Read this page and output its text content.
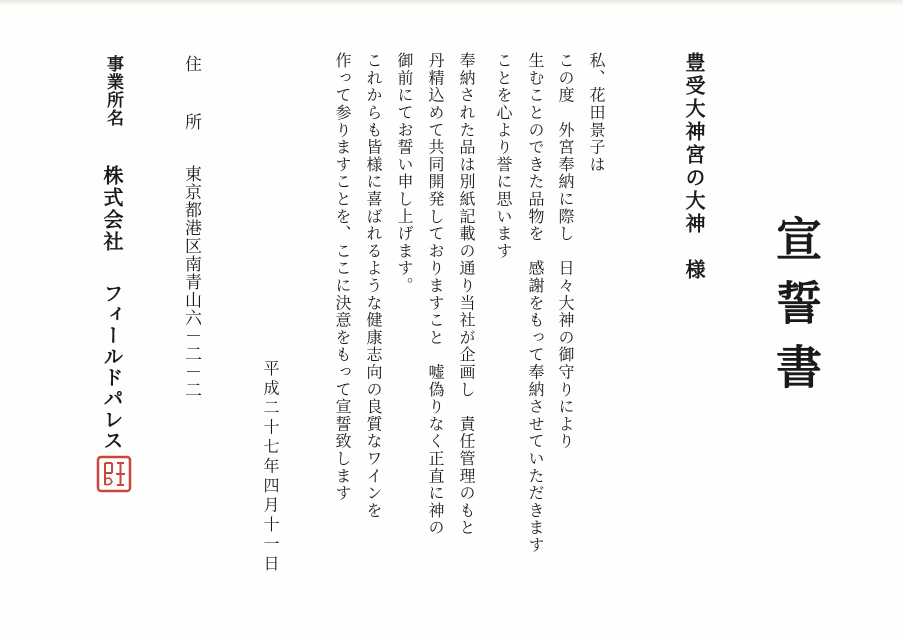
宣誓書
豊受大神宮の大神　様
私、花田景子は
この度　外宮奉納に際し　日々大神の御守りにより
生むことのできた品物を　感謝をもって奉納させていただきます
ことを心より誉に思います
奉納された品は別紙記載の通り当社が企画し　責任管理のもと
丹精込めて共同開発しておりますこと　嘘偽りなく正直に神の
御前にてお誓い申し上げます。
これからも皆様に喜ばれるような健康志向の良質なワインを
作って参りますことを、ここに決意をもって宣誓致します
平成二十七年四月十一日
住　所
東京都港区南青山六－二－二
事業所名
株式会社
フィールドパレス
